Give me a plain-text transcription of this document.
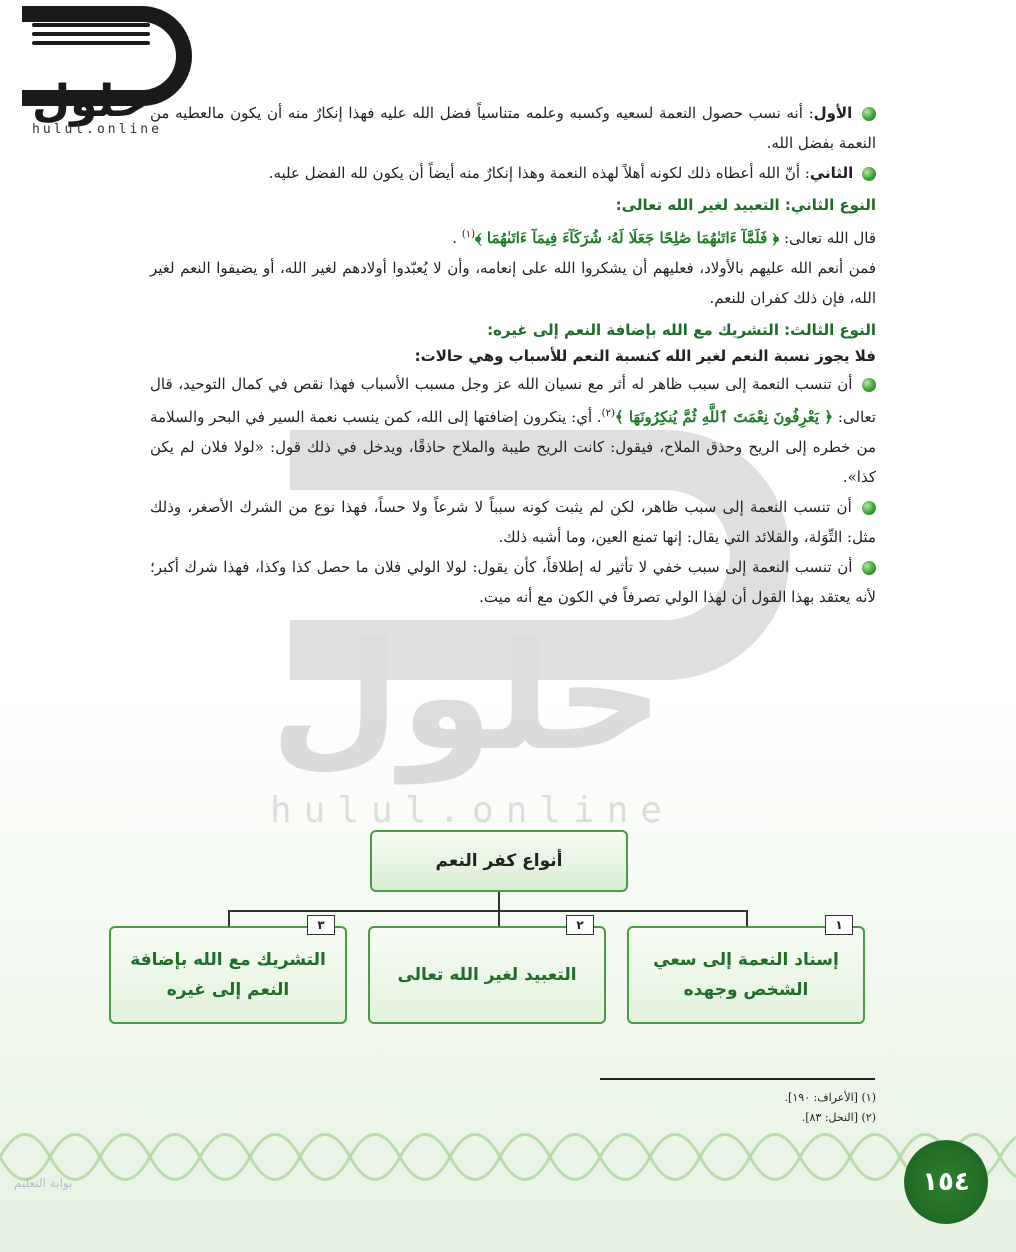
حلول
hulul.online
حلول
hulul.online

الأول: أنه نسب حصول النعمة لسعيه وكسبه وعلمه متناسياً فضل الله عليه فهذا إنكارٌ منه أن يكون مالعطيه من النعمة بفضل الله.

الثاني: أنّ الله أعطاه ذلك لكونه أهلاً لهذه النعمة وهذا إنكارٌ منه أيضاً أن يكون لله الفضل عليه.

النوع الثاني: التعبيد لغير الله تعالى:

قال الله تعالى: ﴿ فَلَمَّآ ءَاتَىٰهُمَا صَٰلِحًا جَعَلَا لَهُۥ شُرَكَآءَ فِيمَآ ءَاتَىٰهُمَا ﴾$^{(١)}$ .

فمن أنعم الله عليهم بالأولاد، فعليهم أن يشكروا الله على إنعامه، وأن لا يُعبّدوا أولادهم لغير الله، أو يضيفوا النعم لغير الله، فإن ذلك كفران للنعم.

النوع الثالث: التشريك مع الله بإضافة النعم إلى غيره:
فلا يجوز نسبة النعم لغير الله كنسبة النعم للأسباب وهي حالات:

أن تنسب النعمة إلى سبب ظاهر له أثر مع نسيان الله عز وجل مسبب الأسباب فهذا نقص في كمال التوحيد، قال تعالى: ﴿ يَعْرِفُونَ نِعْمَتَ ٱللَّهِ ثُمَّ يُنكِرُونَهَا ﴾$^{(٢)}$. أي: ينكرون إضافتها إلى الله، كمن ينسب نعمة السير في البحر والسلامة من خطره إلى الريح وحذق الملاح، فيقول: كانت الريح طيبة والملاح حاذقًا، ويدخل في ذلك قول: «لولا فلان لم يكن كذا».

أن تنسب النعمة إلى سبب ظاهر، لكن لم يثبت كونه سبباً لا شرعاً ولا حساً، فهذا نوع من الشرك الأصغر، وذلك مثل: التِّوَلة، والقلائد التي يقال: إنها تمنع العين، وما أشبه ذلك.

أن تنسب النعمة إلى سبب خفي لا تأثير له إطلاقاً، كأن يقول: لولا الولي فلان ما حصل كذا وكذا، فهذا شرك أكبر؛ لأنه يعتقد بهذا القول أن لهذا الولي تصرفاً في الكون مع أنه ميت.

أنواع كفر النعم
١
إسناد النعمة إلى سعي الشخص وجهده
٢
التعبيد لغير الله تعالى
٣
التشريك مع الله بإضافة النعم إلى غيره
(١) [الأعراف: ١٩٠].
(٢) [النحل: ٨٣].
١٥٤
بوابة التعليم
